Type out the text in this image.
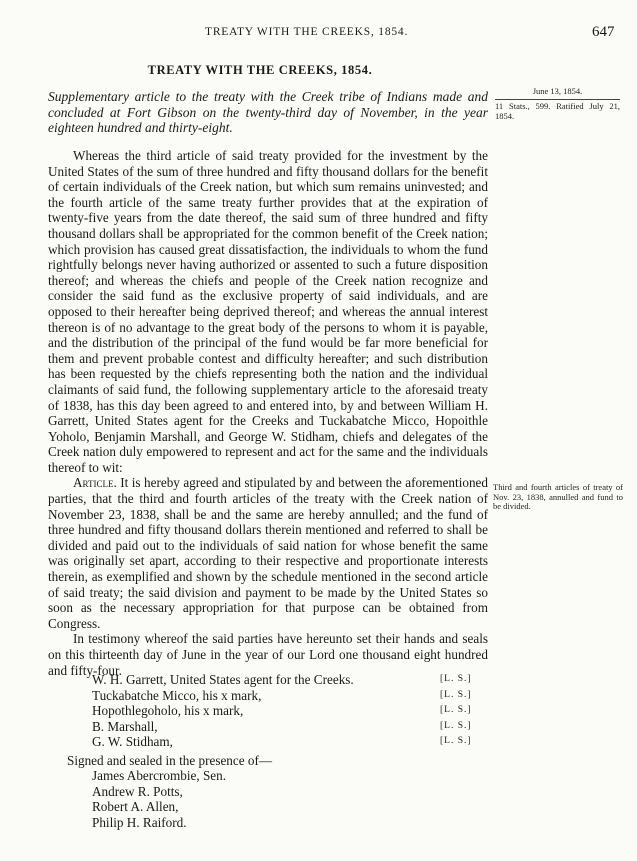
TREATY WITH THE CREEKS, 1854.	647
TREATY WITH THE CREEKS, 1854.
Supplementary article to the treaty with the Creek tribe of Indians made and concluded at Fort Gibson on the twenty-third day of November, in the year eighteen hundred and thirty-eight.
June 13, 1854.
11 Stats., 599. Ratified July 21, 1854.
Third and fourth articles of treaty of Nov. 23, 1838, annulled and fund to be divided.

Whereas the third article of said treaty provided for the investment by the United States of the sum of three hundred and fifty thousand dollars for the benefit of certain individuals of the Creek nation, but which sum remains uninvested; and the fourth article of the same treaty further provides that at the expiration of twenty-five years from the date thereof, the said sum of three hundred and fifty thousand dollars shall be appropriated for the common benefit of the Creek nation; which provision has caused great dissatisfaction, the individuals to whom the fund rightfully belongs never having authorized or assented to such a future disposition thereof; and whereas the chiefs and people of the Creek nation recognize and consider the said fund as the exclusive property of said individuals, and are opposed to their hereafter being deprived thereof; and whereas the annual interest thereon is of no advantage to the great body of the persons to whom it is payable, and the distribution of the principal of the fund would be far more beneficial for them and prevent probable contest and difficulty hereafter; and such distribution has been requested by the chiefs representing both the nation and the individual claimants of said fund, the following supplementary article to the aforesaid treaty of 1838, has this day been agreed to and entered into, by and between William H. Garrett, United States agent for the Creeks and Tuckabatche Micco, Hopoithle Yoholo, Benjamin Marshall, and George W. Stidham, chiefs and delegates of the Creek nation duly empowered to represent and act for the same and the individuals thereof to wit:

Article. It is hereby agreed and stipulated by and between the aforementioned parties, that the third and fourth articles of the treaty with the Creek nation of November 23, 1838, shall be and the same are hereby annulled; and the fund of three hundred and fifty thousand dollars therein mentioned and referred to shall be divided and paid out to the individuals of said nation for whose benefit the same was originally set apart, according to their respective and proportionate interests therein, as exemplified and shown by the schedule mentioned in the second article of said treaty; the said division and payment to be made by the United States so soon as the necessary appropriation for that purpose can be obtained from Congress.

In testimony whereof the said parties have hereunto set their hands and seals on this thirteenth day of June in the year of our Lord one thousand eight hundred and fifty-four.

W. H. Garrett, United States agent for the Creeks.	[L. S.]
Tuckabatche Micco, his x mark,	[L. S.]
Hopothlegoholo, his x mark,	[L. S.]
B. Marshall,	[L. S.]
G. W. Stidham,	[L. S.]
Signed and sealed in the presence of—
James Abercrombie, Sen.
Andrew R. Potts,
Robert A. Allen,
Philip H. Raiford.
